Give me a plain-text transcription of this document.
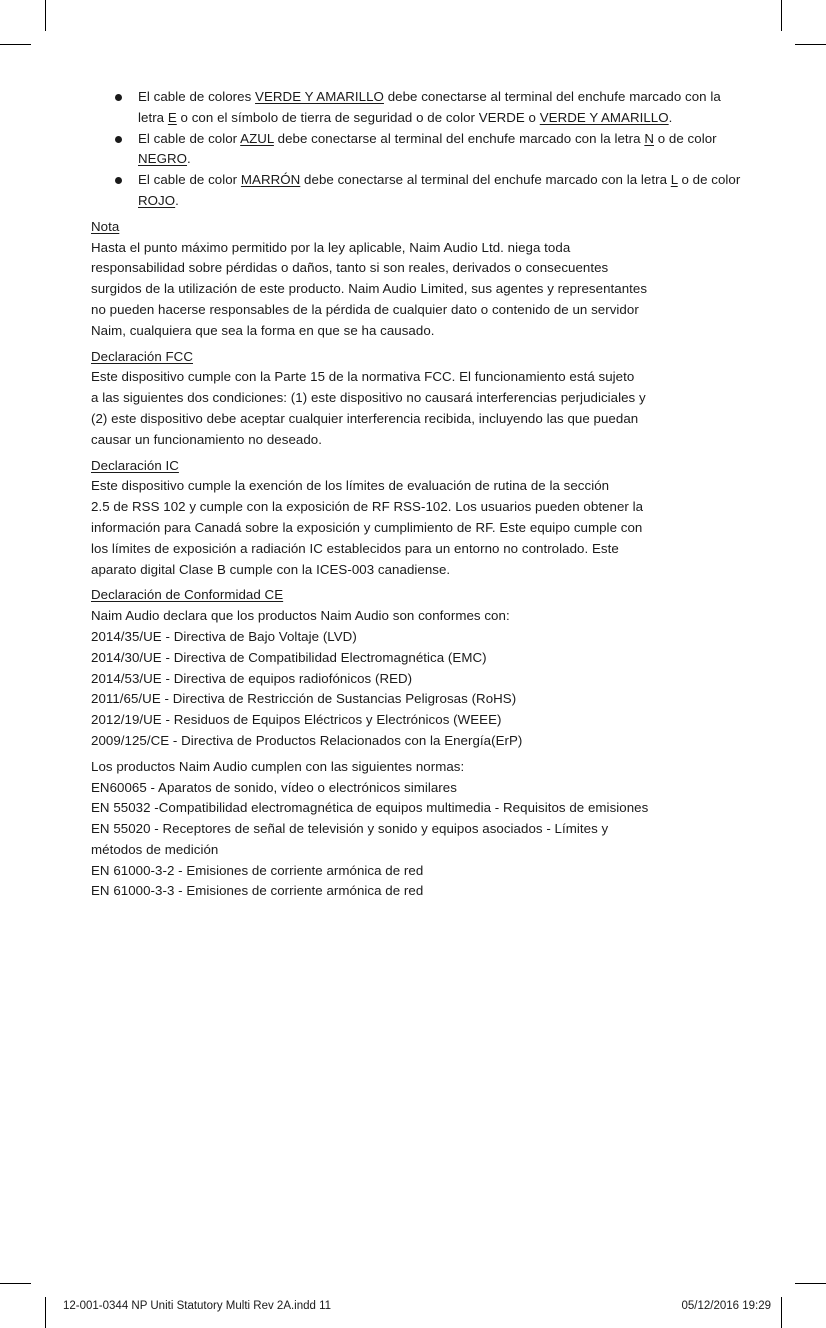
El cable de colores VERDE Y AMARILLO debe conectarse al terminal del enchufe marcado con la letra E o con el símbolo de tierra de seguridad o de color VERDE o VERDE Y AMARILLO.
El cable de color AZUL debe conectarse al terminal del enchufe marcado con la letra N o de color NEGRO.
El cable de color MARRÓN debe conectarse al terminal del enchufe marcado con la letra L o de color ROJO.
Nota
Hasta el punto máximo permitido por la ley aplicable, Naim Audio Ltd. niega toda
responsabilidad sobre pérdidas o daños, tanto si son reales, derivados o consecuentes
surgidos de la utilización de este producto. Naim Audio Limited, sus agentes y representantes
no pueden hacerse responsables de la pérdida de cualquier dato o contenido de un servidor
Naim, cualquiera que sea la forma en que se ha causado.
Declaración FCC
Este dispositivo cumple con la Parte 15 de la normativa FCC. El funcionamiento está sujeto
a las siguientes dos condiciones: (1) este dispositivo no causará interferencias perjudiciales y
(2) este dispositivo debe aceptar cualquier interferencia recibida, incluyendo las que puedan
causar un funcionamiento no deseado.
Declaración IC
Este dispositivo cumple la exención de los límites de evaluación de rutina de la sección
2.5 de RSS 102 y cumple con la exposición de RF RSS-102. Los usuarios pueden obtener la
información para Canadá sobre la exposición y cumplimiento de RF. Este equipo cumple con
los límites de exposición a radiación IC establecidos para un entorno no controlado. Este
aparato digital Clase B cumple con la ICES-003 canadiense.
Declaración de Conformidad CE
Naim Audio declara que los productos Naim Audio son conformes con:
2014/35/UE - Directiva de Bajo Voltaje (LVD)
2014/30/UE - Directiva de Compatibilidad Electromagnética (EMC)
2014/53/UE - Directiva de equipos radiofónicos (RED)
2011/65/UE - Directiva de Restricción de Sustancias Peligrosas (RoHS)
2012/19/UE - Residuos de Equipos Eléctricos y Electrónicos (WEEE)
2009/125/CE - Directiva de Productos Relacionados con la Energía(ErP)
Los productos Naim Audio cumplen con las siguientes normas:
EN60065 - Aparatos de sonido, vídeo o electrónicos similares
EN 55032 -Compatibilidad electromagnética de equipos multimedia - Requisitos de emisiones
EN 55020 - Receptores de señal de televisión y sonido y equipos asociados - Límites y
métodos de medición
EN 61000-3-2 - Emisiones de corriente armónica de red
EN 61000-3-3 - Emisiones de corriente armónica de red
12-001-0344 NP Uniti Statutory Multi Rev 2A.indd 11	05/12/2016 19:29
